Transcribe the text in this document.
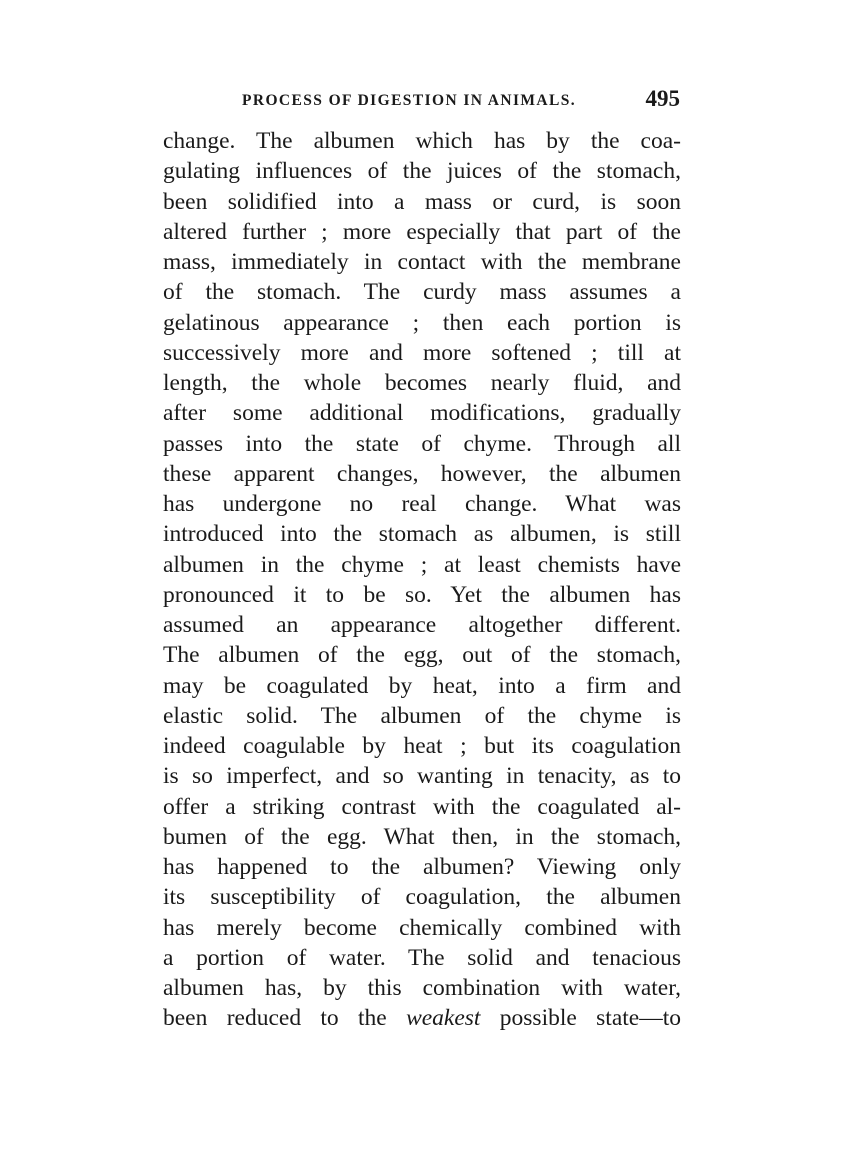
PROCESS OF DIGESTION IN ANIMALS.	495
change. The albumen which has by the coa-
gulating influences of the juices of the stomach,
been solidified into a mass or curd, is soon
altered further ; more especially that part of the
mass, immediately in contact with the membrane
of the stomach. The curdy mass assumes a
gelatinous appearance ; then each portion is
successively more and more softened ; till at
length, the whole becomes nearly fluid, and
after some additional modifications, gradually
passes into the state of chyme. Through all
these apparent changes, however, the albumen
has undergone no real change. What was
introduced into the stomach as albumen, is still
albumen in the chyme ; at least chemists have
pronounced it to be so. Yet the albumen has
assumed an appearance altogether different.
The albumen of the egg, out of the stomach,
may be coagulated by heat, into a firm and
elastic solid. The albumen of the chyme is
indeed coagulable by heat ; but its coagulation
is so imperfect, and so wanting in tenacity, as to
offer a striking contrast with the coagulated al-
bumen of the egg. What then, in the stomach,
has happened to the albumen? Viewing only
its susceptibility of coagulation, the albumen
has merely become chemically combined with
a portion of water. The solid and tenacious
albumen has, by this combination with water,
been reduced to the weakest possible state—to
